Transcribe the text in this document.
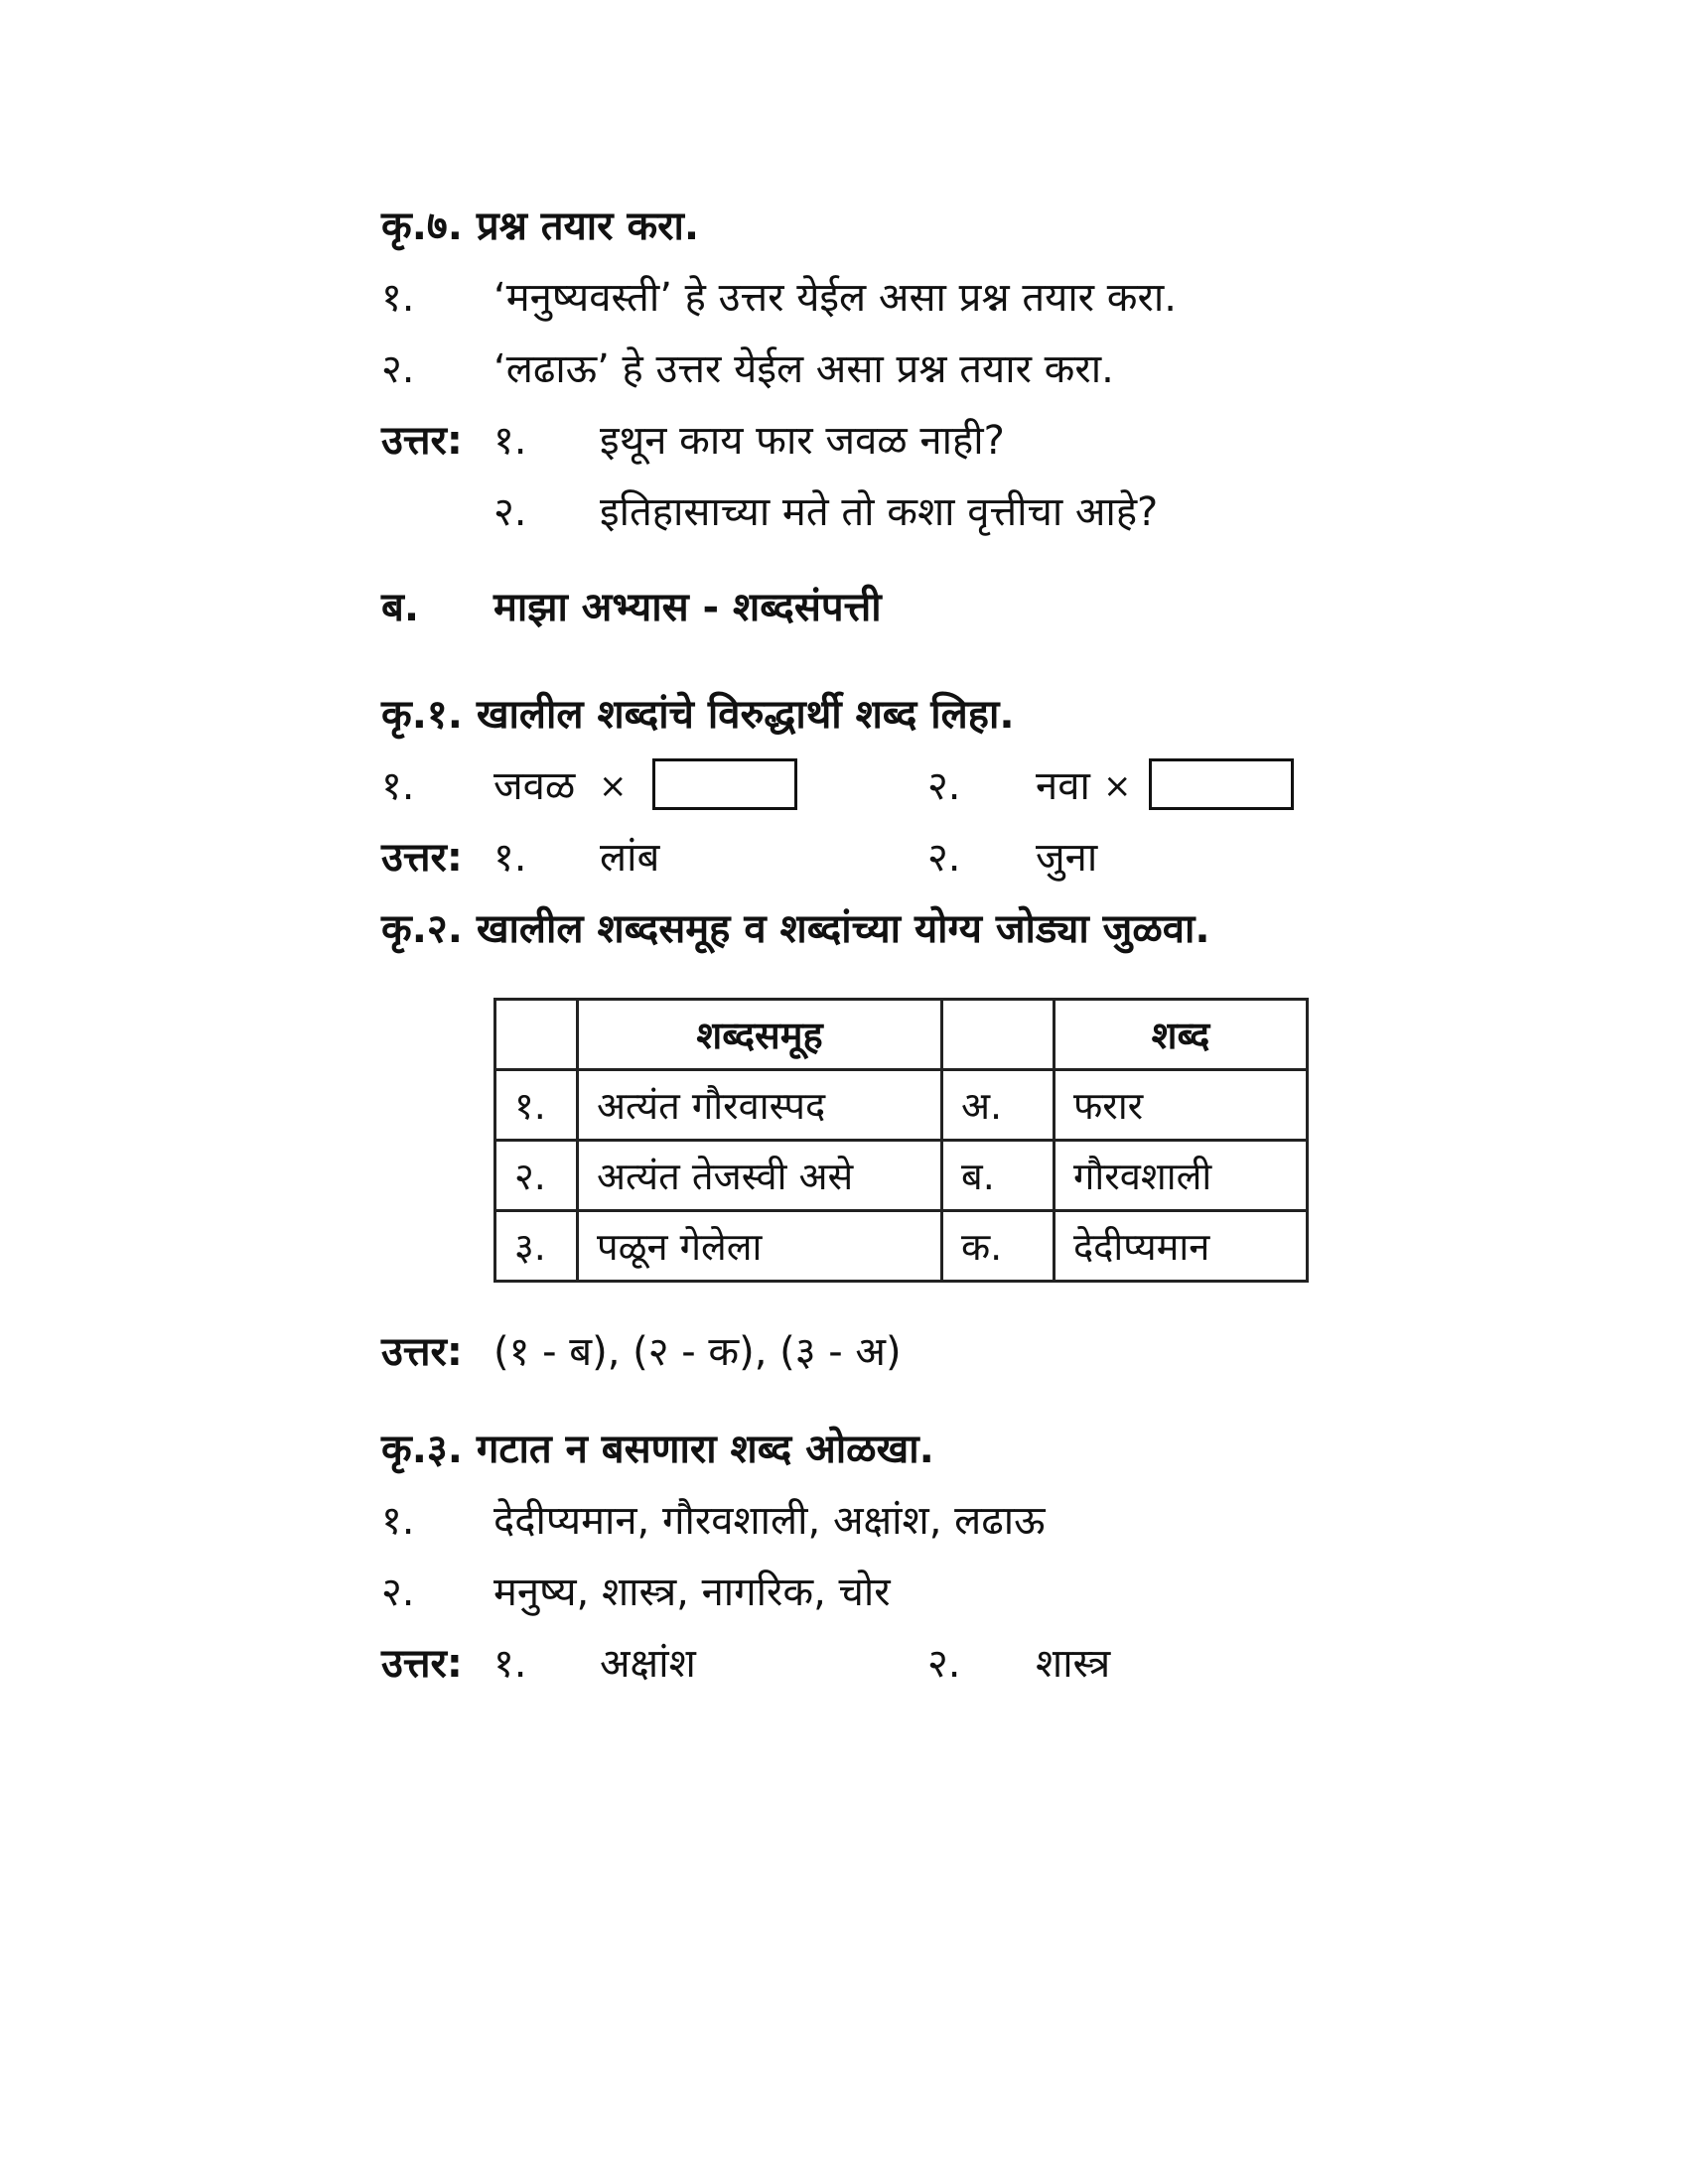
कृ.७. प्रश्न तयार करा.
१. ‘मनुष्यवस्ती’ हे उत्तर येईल असा प्रश्न तयार करा.
२. ‘लढाऊ’ हे उत्तर येईल असा प्रश्न तयार करा.
उत्तर: १. इथून काय फार जवळ नाही?
२. इतिहासाच्या मते तो कशा वृत्तीचा आहे?
ब. माझा अभ्यास - शब्दसंपत्ती
कृ.१. खालील शब्दांचे विरुद्धार्थी शब्द लिहा.
१. जवळ ×	२. नवा ×
उत्तर: १. लांब	२. जुना
कृ.२. खालील शब्दसमूह व शब्दांच्या योग्य जोड्या जुळवा.
	शब्दसमूह		शब्द
१.	अत्यंत गौरवास्पद	अ.	फरार
२.	अत्यंत तेजस्वी असे	ब.	गौरवशाली
३.	पळून गेलेला	क.	देदीप्यमान
उत्तर: (१ - ब), (२ - क), (३ - अ)
कृ.३. गटात न बसणारा शब्द ओळखा.
१. देदीप्यमान, गौरवशाली, अक्षांश, लढाऊ
२. मनुष्य, शास्त्र, नागरिक, चोर
उत्तर: १. अक्षांश	२. शास्त्र
